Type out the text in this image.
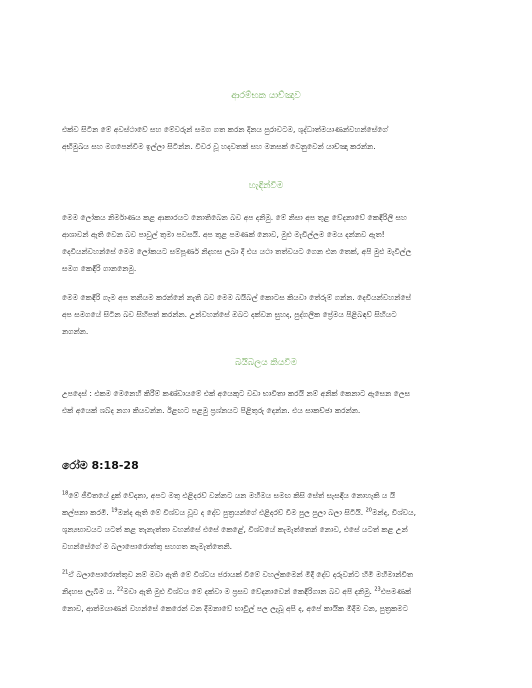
ආරම්භක යාච්ඤාව
එක්ව සිටින මේ අවස්ථාවේ සහ මේවරුන් සමග ගත කරන දිනය පුරාවටම, ශුද්ධාත්මයාණන්වහන්සේගේ
අභිමුඛය සහ මගපෙන්වීම ඉල්ලා සිටින්න. විවර වූ හදවතක් සහ මනසක් වෙනුවෙන් යාච්ඤා කරන්න.
හැඳින්වීම
මෙම ලෝකය නිර්මාණය කළ ආකාරයට නොතිබෙන බව අප දනිමු. මේ නිසා අප තුළ වේදනාවේ කෙඳිරිලි සහ
ආශාවන් ඇති වෙන බව පාවුල් තුමා පවසයි. අප තුළ පමණක් නොව, මුළු මැවිල්ලම මෙය දන්නව ඇත!
දෙවියන්වහන්සේ මෙම ලෝකයට සම්පූර්ණ නිදහස ලබා දී එය යථා තත්වයට ගෙන එන තෙක්, අපි මුළු මැවිල්ල
සමග කෙඳිරි ගානනෙමු.
මෙම කෙඳිරි ගෑම අප තනියම කරන්නේ නැති බව මෙම බයිබල් කොටස කියවා තේරුම් ගන්න. දෙවියන්වහන්සේ
අප සමගයේ සිටින බව සිහිපත් කරන්න. උන්වහන්සේ ඔබට දක්වන සුහද, පුද්ගලික ප්‍රේමය පිළිබඳව් සිහියට
නගන්න.
බයිබලය කියවීම
උපදෙස් : එකම මෙනෙහි කිරීම් කණ්ඩායමේ එක් අයෙකුට වඩා භාවිතා කරයි නම් අනික් කෙනාට ඇසෙන ලෙස
එක් අයෙක් ශබ්ද නගා කියවන්න. ඊළඟට පළමු ප්‍රශ්නයට පිළිතුරු දෙන්න. එය සාකච්ඡා කරන්න.
රෝම 8:18-28
$^{18}$මේ ජීවිතයේ දුක් වේදනා, අපට මතු එළිදරව් වන්නට යන මහිමය සමඟ කිසි සේත් සැසඳිය නොහැකි ය යි
කල්පනා කරමි. $^{19}$මන්ද ඇති මේ විශ්වය වූව ද දේව පුත්‍රයන්ගේ එළිදරව් වීම පුල පුලා බලා සිටියි. $^{20}$මන්ද, විශ්වය,
ශුන්‍යභාවයට යටත් කළ තැනැත්තා වහන්සේ එසේ කෙළේ, විශ්වයේ කැමැත්තෙන් නොව, එසේ යටත් කළ උන්
වහන්සේගේ ම බලාපොරොත්තු සහගත කැමැත්තෙනි.
$^{21}$ඒ බලාපොරොත්තුව නම් මවා ඇති මේ විශ්වය ජරායක් වීමේ වහල්කමෙන් මිදී දේව දරුවන්ට හිමි මහිමාන්විත
නිදහස ලැබීම ය. $^{22}$මවා ඇති මුළු විශ්වය මේ දක්වා ම ප්‍රසව වේදනාවෙන් කෙඳිරිගාන බව අපි දනිමු. $^{23}$එපමණක්
නොව, ආත්මයාණන් වහන්සේ කෙරෙන් වන දීමනාවේ භාවිුල් පල ලැබූ අපි ද, අපේ කායික මිදීම වන, පුත්‍රකමට
